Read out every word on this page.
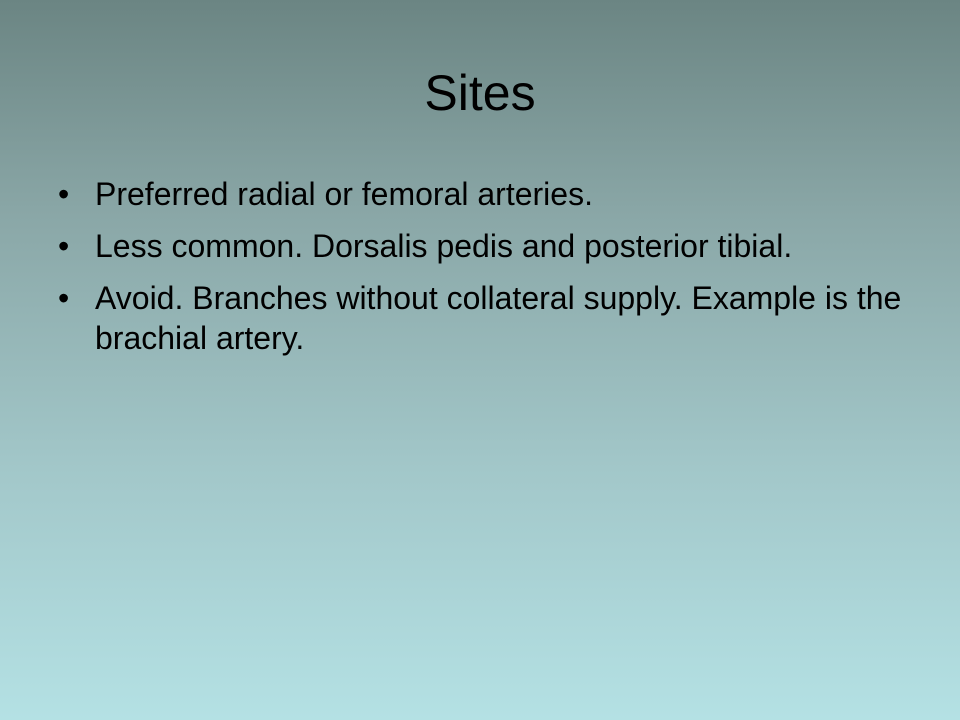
Sites
• Preferred radial or femoral arteries.
• Less common. Dorsalis pedis and posterior tibial.
• Avoid. Branches without collateral supply. Example is the brachial artery.
